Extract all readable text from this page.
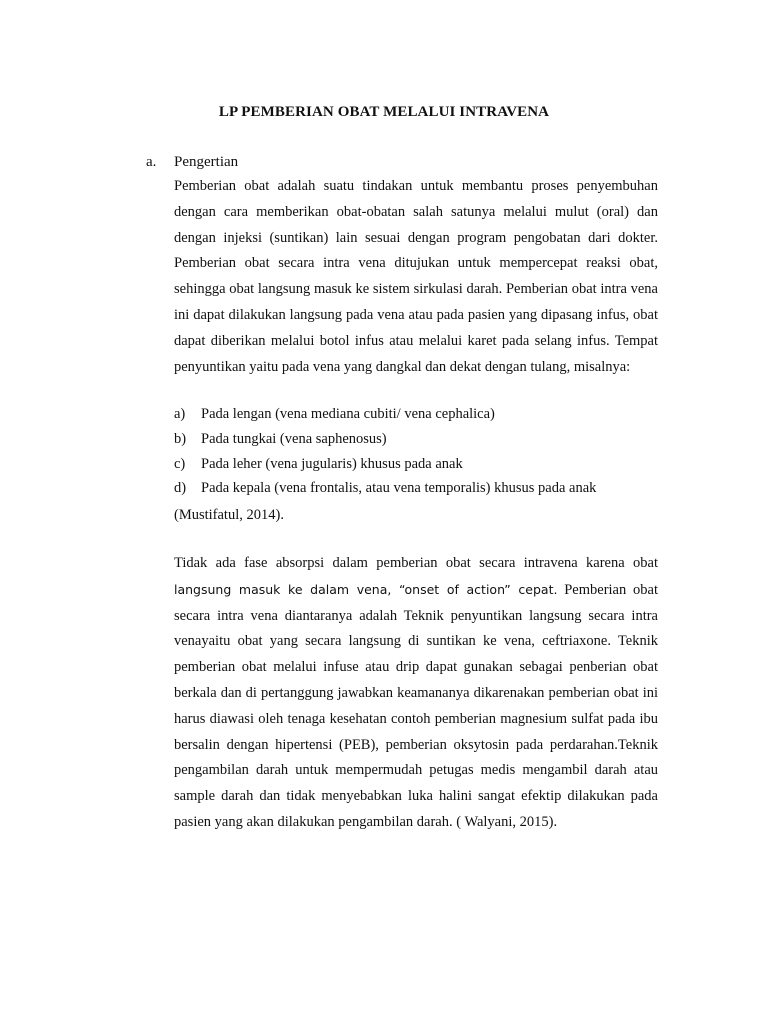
LP PEMBERIAN OBAT MELALUI INTRAVENA
a. Pengertian

Pemberian obat adalah suatu tindakan untuk membantu proses penyembuhan dengan cara memberikan obat-obatan salah satunya melalui mulut (oral) dan dengan injeksi (suntikan) lain sesuai dengan program pengobatan dari dokter. Pemberian obat secara intra vena ditujukan untuk mempercepat reaksi obat, sehingga obat langsung masuk ke sistem sirkulasi darah. Pemberian obat intra vena ini dapat dilakukan langsung pada vena atau pada pasien yang dipasang infus, obat dapat diberikan melalui botol infus atau melalui karet pada selang infus. Tempat penyuntikan yaitu pada vena yang dangkal dan dekat dengan tulang, misalnya:

a) Pada lengan (vena mediana cubiti/ vena cephalica)
b) Pada tungkai (vena saphenosus)
c) Pada leher (vena jugularis) khusus pada anak
d) Pada kepala (vena frontalis, atau vena temporalis) khusus pada anak
(Mustifatul, 2014).

Tidak ada fase absorpsi dalam pemberian obat secara intravena karena obat langsung masuk ke dalam vena, “onset of action” cepat. Pemberian obat secara intra vena diantaranya adalah Teknik penyuntikan langsung secara intra venayaitu obat yang secara langsung di suntikan ke vena, ceftriaxone. Teknik pemberian obat melalui infuse atau drip dapat gunakan sebagai penberian obat berkala dan di pertanggung jawabkan keamananya dikarenakan pemberian obat ini harus diawasi oleh tenaga kesehatan contoh pemberian magnesium sulfat pada ibu bersalin dengan hipertensi (PEB), pemberian oksytosin pada perdarahan.Teknik pengambilan darah untuk mempermudah petugas medis mengambil darah atau sample darah dan tidak menyebabkan luka halini sangat efektip dilakukan pada pasien yang akan dilakukan pengambilan darah. ( Walyani, 2015).
